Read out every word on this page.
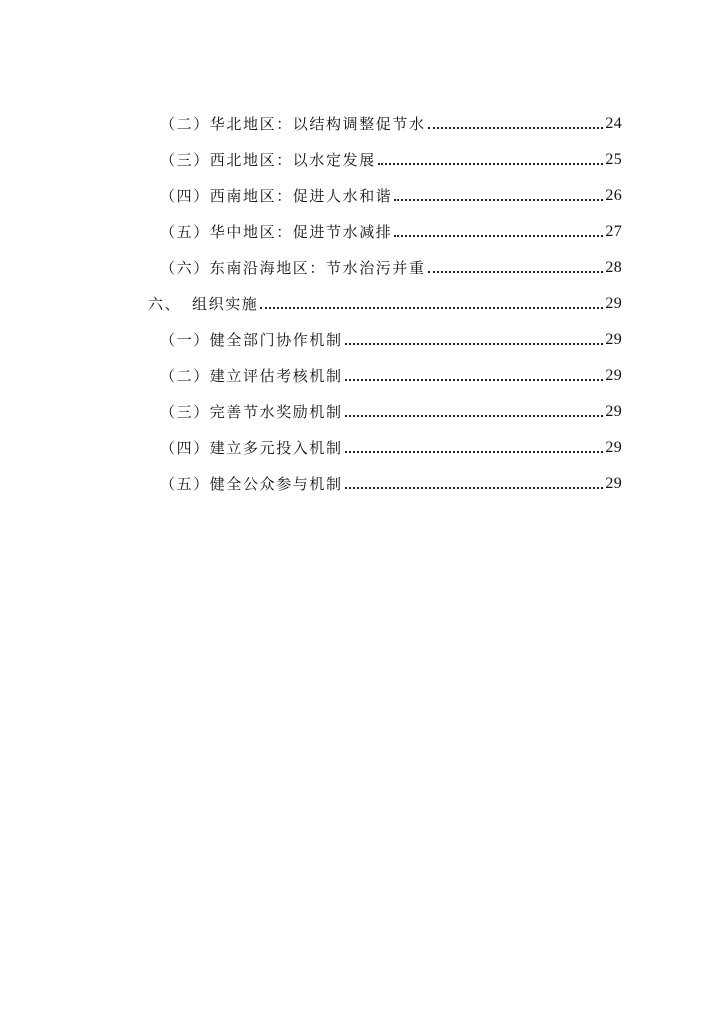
（二）华北地区：以结构调整促节水	24
（三）西北地区：以水定发展	25
（四）西南地区：促进人水和谐	26
（五）华中地区：促进节水减排	27
（六）东南沿海地区：节水治污并重	28
六、 组织实施	29
（一）健全部门协作机制	29
（二）建立评估考核机制	29
（三）完善节水奖励机制	29
（四）建立多元投入机制	29
（五）健全公众参与机制	29
